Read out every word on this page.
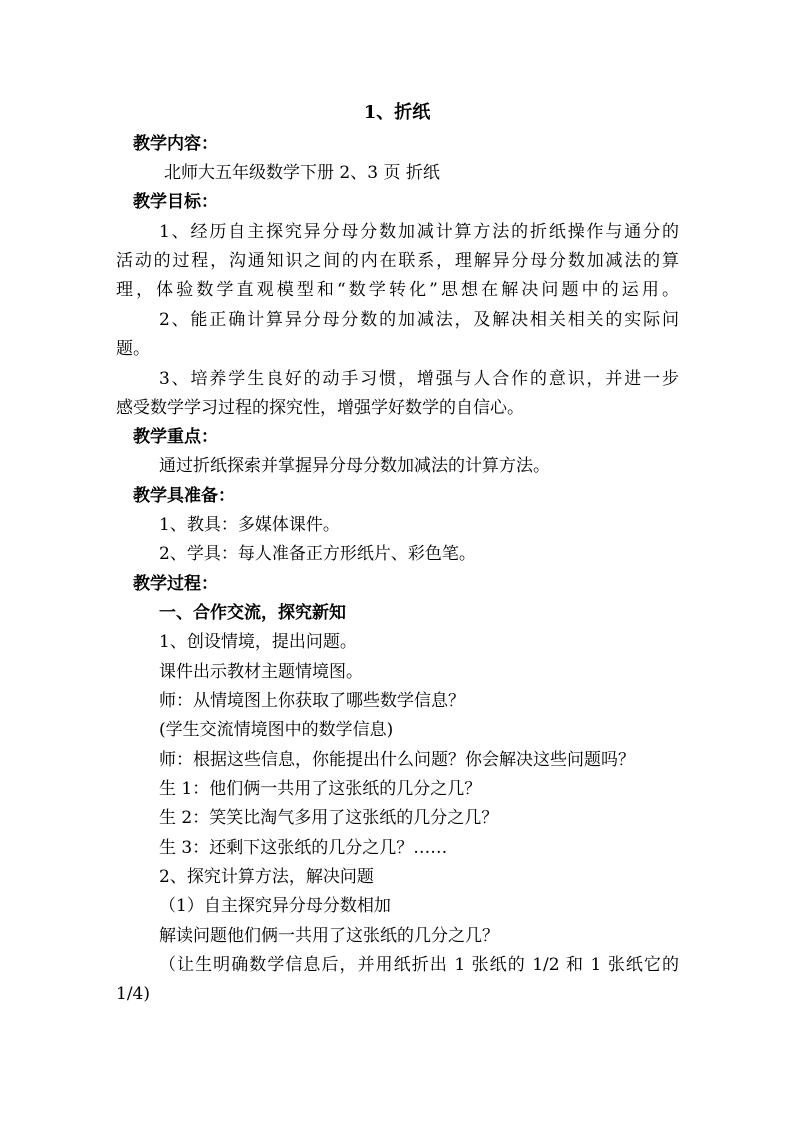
1、折纸
教学内容：
北师大五年级数学下册 2、3 页 折纸
教学目标：
1、经历自主探究异分母分数加减计算方法的折纸操作与通分的
活动的过程，沟通知识之间的内在联系，理解异分母分数加减法的算
理，体验数学直观模型和“数学转化”思想在解决问题中的运用。
2、能正确计算异分母分数的加减法，及解决相关相关的实际问
题。
3、培养学生良好的动手习惯，增强与人合作的意识，并进一步
感受数学学习过程的探究性，增强学好数学的自信心。
教学重点：
通过折纸探索并掌握异分母分数加减法的计算方法。
教学具准备：
1、教具：多媒体课件。
2、学具：每人准备正方形纸片、彩色笔。
教学过程：
一、合作交流，探究新知
1、创设情境，提出问题。
课件出示教材主题情境图。
师：从情境图上你获取了哪些数学信息？
(学生交流情境图中的数学信息)
师：根据这些信息，你能提出什么问题？你会解决这些问题吗？
生 1：他们俩一共用了这张纸的几分之几？
生 2：笑笑比淘气多用了这张纸的几分之几？
生 3：还剩下这张纸的几分之几？……
2、探究计算方法，解决问题
（1）自主探究异分母分数相加
解读问题他们俩一共用了这张纸的几分之几？
（让生明确数学信息后，并用纸折出 1 张纸的 1/2 和 1 张纸它的
1/4)
